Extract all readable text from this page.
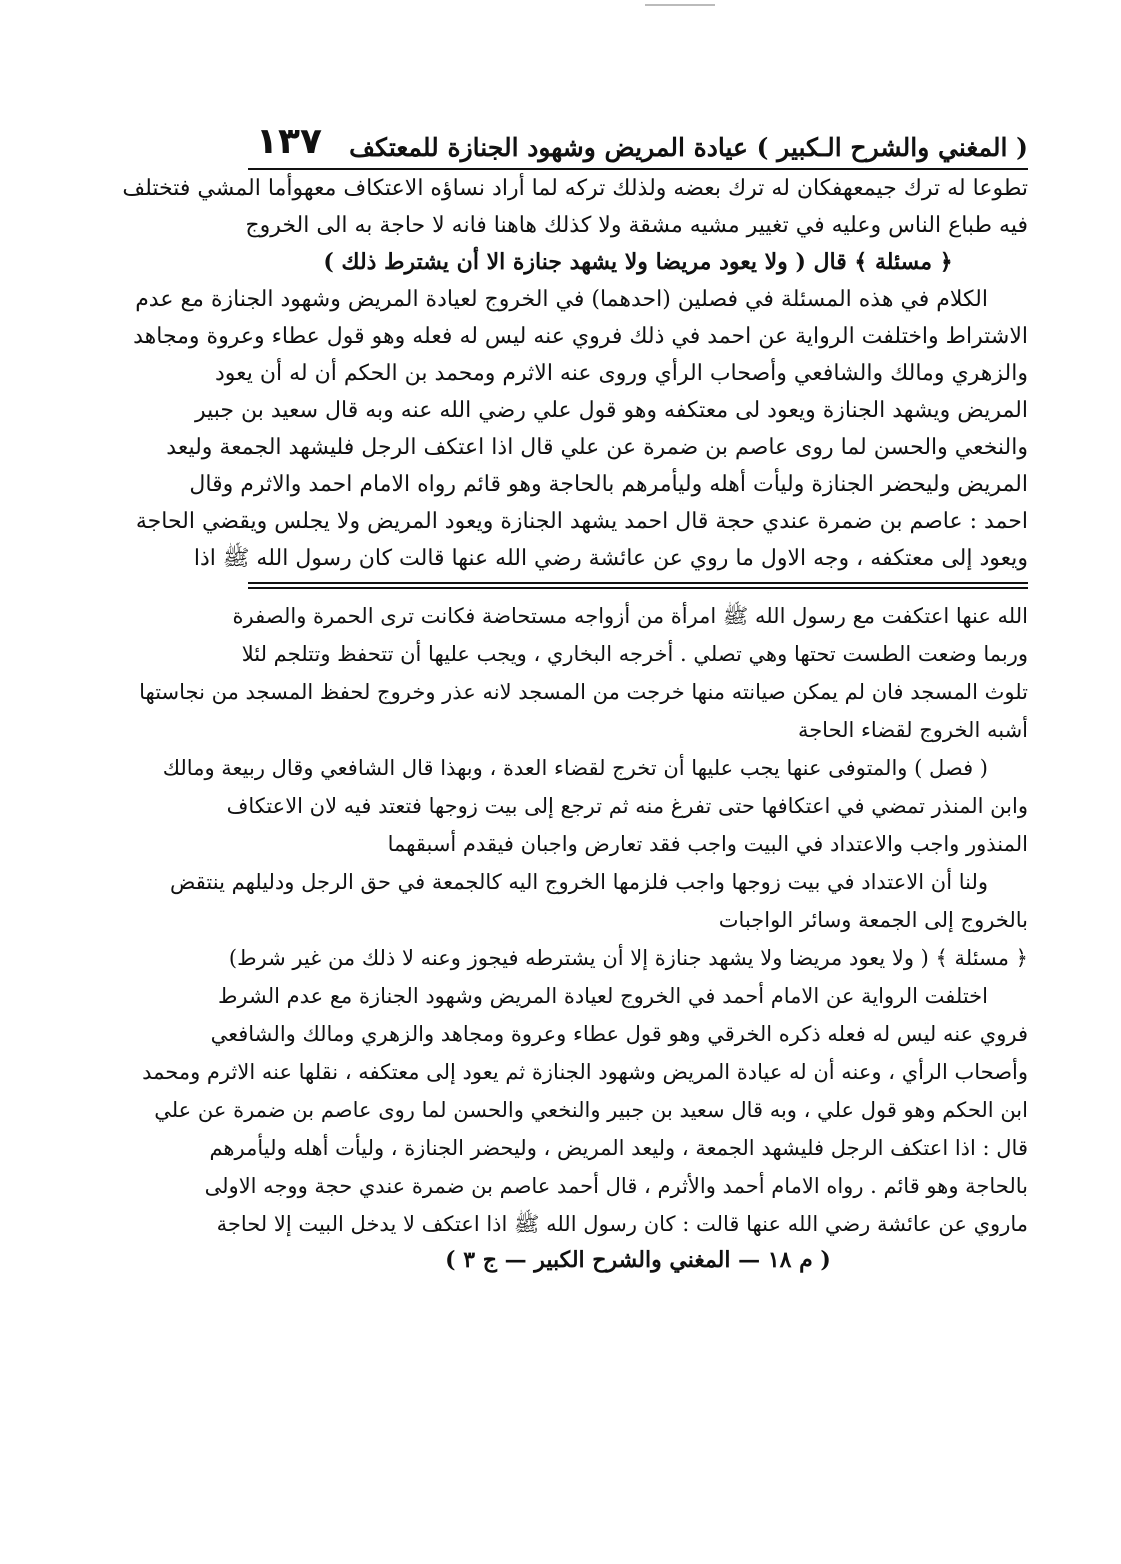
( المغني والشرح الـكبير ) عيادة المريض وشهود الجنازة للمعتكف
١٣٧
تطوعا له ترك جيمعهفكان له ترك بعضه ولذلك تركه لما أراد نساؤه الاعتكاف معهوأما المشي فتختلف
فيه طباع الناس وعليه في تغيير مشيه مشقة ولا كذلك هاهنا فانه لا حاجة به الى الخروج
﴿ مسئلة ﴾ قال ( ولا يعود مريضا ولا يشهد جنازة الا أن يشترط ذلك )
الكلام في هذه المسئلة في فصلين (احدهما) في الخروج لعيادة المريض وشهود الجنازة مع عدم
الاشتراط واختلفت الرواية عن احمد في ذلك فروي عنه ليس له فعله وهو قول عطاء وعروة ومجاهد
والزهري ومالك والشافعي وأصحاب الرأي وروى عنه الاثرم ومحمد بن الحكم أن له أن يعود
المريض ويشهد الجنازة ويعود لى معتكفه وهو قول علي رضي الله عنه وبه قال سعيد بن جبير
والنخعي والحسن لما روى عاصم بن ضمرة عن علي قال اذا اعتكف الرجل فليشهد الجمعة وليعد
المريض وليحضر الجنازة وليأت أهله وليأمرهم بالحاجة وهو قائم رواه الامام احمد والاثرم وقال
احمد : عاصم بن ضمرة عندي حجة قال احمد يشهد الجنازة ويعود المريض ولا يجلس ويقضي الحاجة
ويعود إلى معتكفه ، وجه الاول ما روي عن عائشة رضي الله عنها قالت كان رسول الله ﷺ اذا
الله عنها اعتكفت مع رسول الله ﷺ امرأة من أزواجه مستحاضة فكانت ترى الحمرة والصفرة
وربما وضعت الطست تحتها وهي تصلي . أخرجه البخاري ، ويجب عليها أن تتحفظ وتتلجم لئلا
تلوث المسجد فان لم يمكن صيانته منها خرجت من المسجد لانه عذر وخروج لحفظ المسجد من نجاستها
أشبه الخروج لقضاء الحاجة
( فصل ) والمتوفى عنها يجب عليها أن تخرج لقضاء العدة ، وبهذا قال الشافعي وقال ربيعة ومالك
وابن المنذر تمضي في اعتكافها حتى تفرغ منه ثم ترجع إلى بيت زوجها فتعتد فيه لان الاعتكاف
المنذور واجب والاعتداد في البيت واجب فقد تعارض واجبان فيقدم أسبقهما
ولنا أن الاعتداد في بيت زوجها واجب فلزمها الخروج اليه كالجمعة في حق الرجل ودليلهم ينتقض
بالخروج إلى الجمعة وسائر الواجبات
﴿ مسئلة ﴾ ( ولا يعود مريضا ولا يشهد جنازة إلا أن يشترطه فيجوز وعنه لا ذلك من غير شرط)
اختلفت الرواية عن الامام أحمد في الخروج لعيادة المريض وشهود الجنازة مع عدم الشرط
فروي عنه ليس له فعله ذكره الخرقي وهو قول عطاء وعروة ومجاهد والزهري ومالك والشافعي
وأصحاب الرأي ، وعنه أن له عيادة المريض وشهود الجنازة ثم يعود إلى معتكفه ، نقلها عنه الاثرم ومحمد
ابن الحكم وهو قول علي ، وبه قال سعيد بن جبير والنخعي والحسن لما روى عاصم بن ضمرة عن علي
قال : اذا اعتكف الرجل فليشهد الجمعة ، وليعد المريض ، وليحضر الجنازة ، وليأت أهله وليأمرهم
بالحاجة وهو قائم . رواه الامام أحمد والأثرم ، قال أحمد عاصم بن ضمرة عندي حجة ووجه الاولى
ماروي عن عائشة رضي الله عنها قالت : كان رسول الله ﷺ اذا اعتكف لا يدخل البيت إلا لحاجة
( م ١٨ — المغني والشرح الكبير — ج ٣ )
